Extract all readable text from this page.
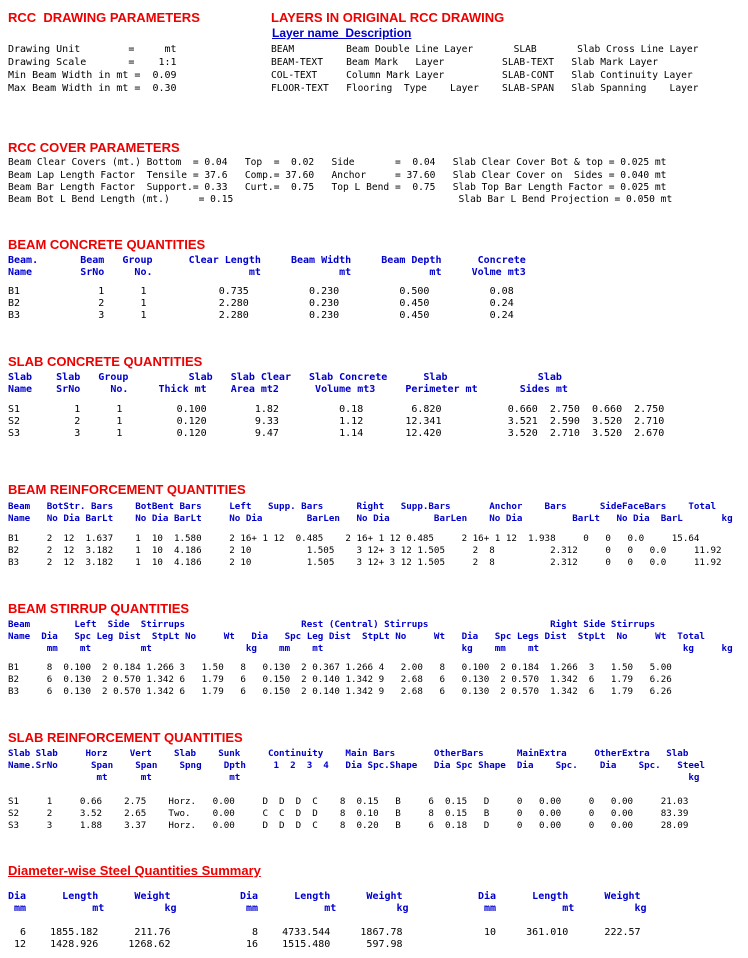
RCC  DRAWING PARAMETERS
Drawing Unit        =     mt
Drawing Scale       =    1:1
Min Beam Width in mt =  0.09
Max Beam Width in mt =  0.30
LAYERS IN ORIGINAL RCC DRAWING
Layer name  Description
BEAM         Beam Double Line Layer       SLAB       Slab Cross Line Layer
BEAM-TEXT    Beam Mark   Layer          SLAB-TEXT   Slab Mark Layer
COL-TEXT     Column Mark Layer          SLAB-CONT   Slab Continuity Layer
FLOOR-TEXT   Flooring  Type    Layer    SLAB-SPAN   Slab Spanning    Layer
RCC COVER PARAMETERS
Beam Clear Covers (mt.) Bottom  = 0.04   Top  =  0.02   Side       =  0.04   Slab Clear Cover Bot & top = 0.025 mt
Beam Lap Length Factor  Tensile = 37.6   Comp.= 37.60   Anchor     = 37.60   Slab Clear Cover on  Sides = 0.040 mt
Beam Bar Length Factor  Support.= 0.33   Curt.=  0.75   Top L Bend =  0.75   Slab Top Bar Length Factor = 0.025 mt
Beam Bot L Bend Length (mt.)     = 0.15                                       Slab Bar L Bend Projection = 0.050 mt
BEAM CONCRETE QUANTITIES
Beam.       Beam   Group      Clear Length     Beam Width     Beam Depth      Concrete
Name        SrNo     No.                mt             mt             mt     Volme mt3
B1             1      1            0.735          0.230          0.500          0.08
B2             2      1            2.280          0.230          0.450          0.24
B3             3      1            2.280          0.230          0.450          0.24
SLAB CONCRETE QUANTITIES
Slab    Slab   Group          Slab   Slab Clear   Slab Concrete      Slab               Slab
Name    SrNo     No.     Thick mt    Area mt2      Volume mt3     Perimeter mt       Sides mt
S1         1      1         0.100        1.82          0.18        6.820           0.660  2.750  0.660  2.750
S2         2      1         0.120        9.33          1.12       12.341           3.521  2.590  3.520  2.710
S3         3      1         0.120        9.47          1.14       12.420           3.520  2.710  3.520  2.670
BEAM REINFORCEMENT QUANTITIES
Beam   BotStr. Bars    BotBent Bars     Left   Supp. Bars      Right   Supp.Bars       Anchor    Bars      SideFaceBars    Total
Name   No Dia BarLt    No Dia BarLt     No Dia        BarLen   No Dia        BarLen    No Dia         BarLt   No Dia  BarL       kg
B1     2  12  1.637    1  10  1.580     2 16+ 1 12  0.485    2 16+ 1 12 0.485     2 16+ 1 12  1.938     0   0   0.0     15.64
B2     2  12  3.182    1  10  4.186     2 10          1.505    3 12+ 3 12 1.505     2  8          2.312     0   0   0.0     11.92
B3     2  12  3.182    1  10  4.186     2 10          1.505    3 12+ 3 12 1.505     2  8          2.312     0   0   0.0     11.92
BEAM STIRRUP QUANTITIES
Beam        Left  Side  Stirrups                     Rest (Central) Stirrups                      Right Side Stirrups
Name  Dia   Spc Leg Dist  StpLt No     Wt   Dia   Spc Leg Dist  StpLt No     Wt   Dia   Spc Legs Dist  StpLt  No     Wt  Total
mm    mt         mt                 kg    mm    mt                         kg    mm    mt                          kg     kg
B1     8  0.100  2 0.184 1.266 3   1.50   8   0.130  2 0.367 1.266 4   2.00   8   0.100  2 0.184  1.266  3   1.50   5.00
B2     6  0.130  2 0.570 1.342 6   1.79   6   0.150  2 0.140 1.342 9   2.68   6   0.130  2 0.570  1.342  6   1.79   6.26
B3     6  0.130  2 0.570 1.342 6   1.79   6   0.150  2 0.140 1.342 9   2.68   6   0.130  2 0.570  1.342  6   1.79   6.26
SLAB REINFORCEMENT QUANTITIES
Slab Slab     Horz    Vert    Slab    Sunk     Continuity    Main Bars       OtherBars      MainExtra     OtherExtra   Slab
Name.SrNo      Span    Span    Spng    Dpth     1  2  3  4   Dia Spc.Shape   Dia Spc Shape  Dia    Spc.    Dia    Spc.   Steel
mt      mt              mt                                                                                 kg
S1     1     0.66    2.75    Horz.   0.00     D  D  D  C    8  0.15   B     6  0.15   D     0   0.00     0   0.00     21.03
S2     2     3.52    2.65    Two.    0.00     C  C  D  D    8  0.10   B     8  0.15   B     0   0.00     0   0.00     83.39
S3     3     1.88    3.37    Horz.   0.00     D  D  D  C    8  0.20   B     6  0.18   D     0   0.00     0   0.00     28.09
Diameter-wise Steel Quantities Summary
Dia      Length      Weight
mm           mt          kg
6    1855.182      211.76
12    1428.926     1268.62
Dia      Length      Weight
mm           mt          kg
8    4733.544     1867.78
16    1515.480      597.98
Dia      Length      Weight
mm           mt          kg
10     361.010      222.57
